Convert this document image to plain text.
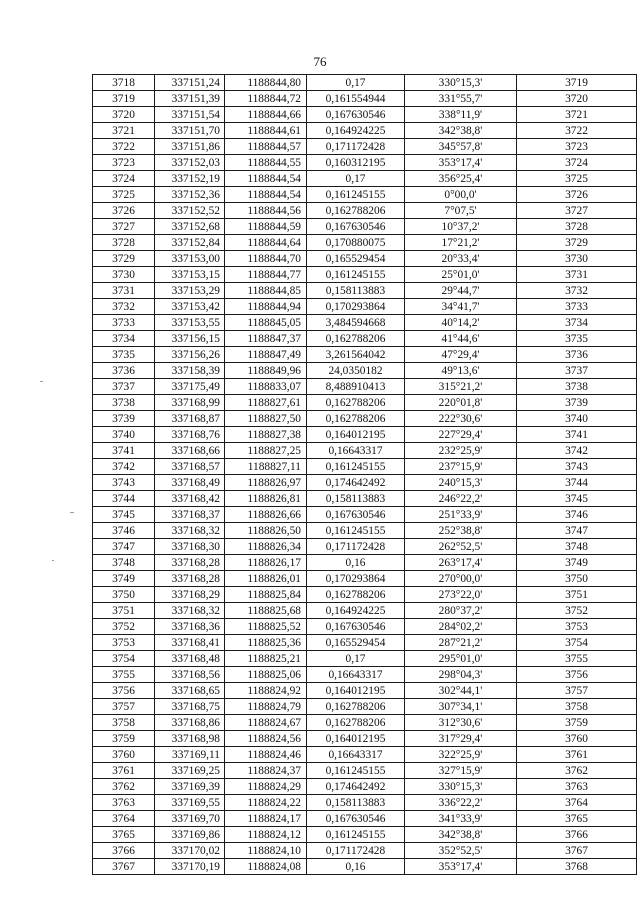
76
3718	337151,24	1188844,80	0,17	330°15,3'	3719
3719	337151,39	1188844,72	0,161554944	331°55,7'	3720
3720	337151,54	1188844,66	0,167630546	338°11,9'	3721
3721	337151,70	1188844,61	0,164924225	342°38,8'	3722
3722	337151,86	1188844,57	0,171172428	345°57,8'	3723
3723	337152,03	1188844,55	0,160312195	353°17,4'	3724
3724	337152,19	1188844,54	0,17	356°25,4'	3725
3725	337152,36	1188844,54	0,161245155	0°00,0'	3726
3726	337152,52	1188844,56	0,162788206	7°07,5'	3727
3727	337152,68	1188844,59	0,167630546	10°37,2'	3728
3728	337152,84	1188844,64	0,170880075	17°21,2'	3729
3729	337153,00	1188844,70	0,165529454	20°33,4'	3730
3730	337153,15	1188844,77	0,161245155	25°01,0'	3731
3731	337153,29	1188844,85	0,158113883	29°44,7'	3732
3732	337153,42	1188844,94	0,170293864	34°41,7'	3733
3733	337153,55	1188845,05	3,484594668	40°14,2'	3734
3734	337156,15	1188847,37	0,162788206	41°44,6'	3735
3735	337156,26	1188847,49	3,261564042	47°29,4'	3736
3736	337158,39	1188849,96	24,0350182	49°13,6'	3737
3737	337175,49	1188833,07	8,488910413	315°21,2'	3738
3738	337168,99	1188827,61	0,162788206	220°01,8'	3739
3739	337168,87	1188827,50	0,162788206	222°30,6'	3740
3740	337168,76	1188827,38	0,164012195	227°29,4'	3741
3741	337168,66	1188827,25	0,16643317	232°25,9'	3742
3742	337168,57	1188827,11	0,161245155	237°15,9'	3743
3743	337168,49	1188826,97	0,174642492	240°15,3'	3744
3744	337168,42	1188826,81	0,158113883	246°22,2'	3745
3745	337168,37	1188826,66	0,167630546	251°33,9'	3746
3746	337168,32	1188826,50	0,161245155	252°38,8'	3747
3747	337168,30	1188826,34	0,171172428	262°52,5'	3748
3748	337168,28	1188826,17	0,16	263°17,4'	3749
3749	337168,28	1188826,01	0,170293864	270°00,0'	3750
3750	337168,29	1188825,84	0,162788206	273°22,0'	3751
3751	337168,32	1188825,68	0,164924225	280°37,2'	3752
3752	337168,36	1188825,52	0,167630546	284°02,2'	3753
3753	337168,41	1188825,36	0,165529454	287°21,2'	3754
3754	337168,48	1188825,21	0,17	295°01,0'	3755
3755	337168,56	1188825,06	0,16643317	298°04,3'	3756
3756	337168,65	1188824,92	0,164012195	302°44,1'	3757
3757	337168,75	1188824,79	0,162788206	307°34,1'	3758
3758	337168,86	1188824,67	0,162788206	312°30,6'	3759
3759	337168,98	1188824,56	0,164012195	317°29,4'	3760
3760	337169,11	1188824,46	0,16643317	322°25,9'	3761
3761	337169,25	1188824,37	0,161245155	327°15,9'	3762
3762	337169,39	1188824,29	0,174642492	330°15,3'	3763
3763	337169,55	1188824,22	0,158113883	336°22,2'	3764
3764	337169,70	1188824,17	0,167630546	341°33,9'	3765
3765	337169,86	1188824,12	0,161245155	342°38,8'	3766
3766	337170,02	1188824,10	0,171172428	352°52,5'	3767
3767	337170,19	1188824,08	0,16	353°17,4'	3768
